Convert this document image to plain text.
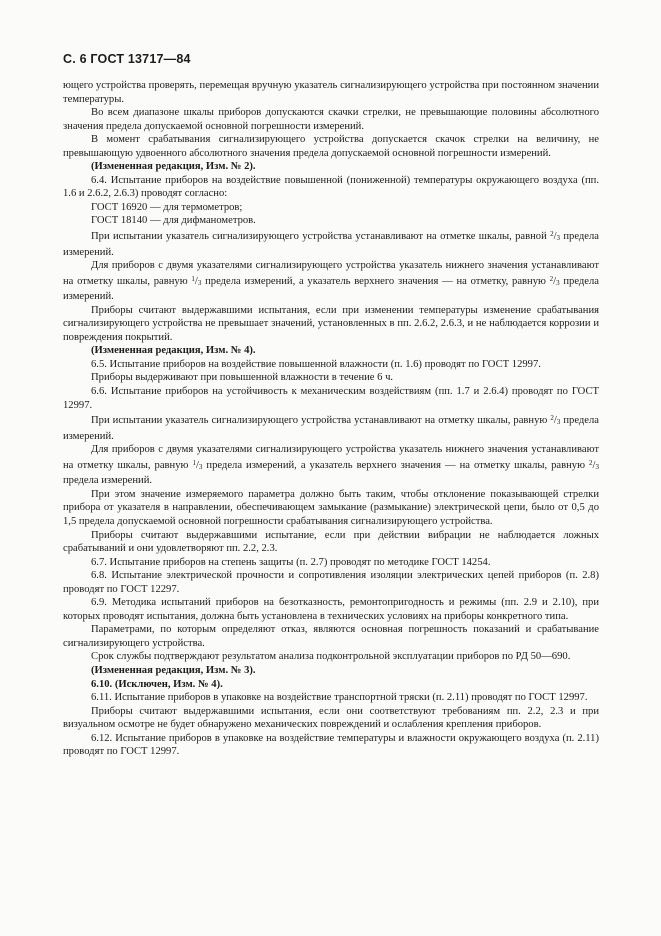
С. 6 ГОСТ 13717—84

ющего устройства проверять, перемещая вручную указатель сигнализирующего устройства при постоянном значении температуры.

Во всем диапазоне шкалы приборов допускаются скачки стрелки, не превышающие половины абсолютного значения предела допускаемой основной погрешности измерений.

В момент срабатывания сигнализирующего устройства допускается скачок стрелки на величину, не превышающую удвоенного абсолютного значения предела допускаемой основной погрешности измерений.

(Измененная редакция, Изм. № 2).

6.4. Испытание приборов на воздействие повышенной (пониженной) температуры окружающего воздуха (пп. 1.6 и 2.6.2, 2.6.3) проводят согласно:

ГОСТ 16920 — для термометров;

ГОСТ 18140 — для дифманометров.

При испытании указатель сигнализирующего устройства устанавливают на отметке шкалы, равной $^2/_3$ предела измерений.

Для приборов с двумя указателями сигнализирующего устройства указатель нижнего значения устанавливают на отметку шкалы, равную $^1/_3$ предела измерений, а указатель верхнего значения — на отметку, равную $^2/_3$ предела измерений.

Приборы считают выдержавшими испытания, если при изменении температуры изменение срабатывания сигнализирующего устройства не превышает значений, установленных в пп. 2.6.2, 2.6.3, и не наблюдается коррозии и повреждения покрытий.

(Измененная редакция, Изм. № 4).

6.5. Испытание приборов на воздействие повышенной влажности (п. 1.6) проводят по ГОСТ 12997.

Приборы выдерживают при повышенной влажности в течение 6 ч.

6.6. Испытание приборов на устойчивость к механическим воздействиям (пп. 1.7 и 2.6.4) проводят по ГОСТ 12997.

При испытании указатель сигнализирующего устройства устанавливают на отметку шкалы, равную $^2/_3$ предела измерений.

Для приборов с двумя указателями сигнализирующего устройства указатель нижнего значения устанавливают на отметку шкалы, равную $^1/_3$ предела измерений, а указатель верхнего значения — на отметку шкалы, равную $^2/_3$ предела измерений.

При этом значение измеряемого параметра должно быть таким, чтобы отклонение показывающей стрелки прибора от указателя в направлении, обеспечивающем замыкание (размыкание) электрической цепи, было от 0,5 до 1,5 предела допускаемой основной погрешности срабатывания сигнализирующего устройства.

Приборы считают выдержавшими испытание, если при действии вибрации не наблюдается ложных срабатываний и они удовлетворяют пп. 2.2, 2.3.

6.7. Испытание приборов на степень защиты (п. 2.7) проводят по методике ГОСТ 14254.

6.8. Испытание электрической прочности и сопротивления изоляции электрических цепей приборов (п. 2.8) проводят по ГОСТ 12297.

6.9. Методика испытаний приборов на безотказность, ремонтопригодность и режимы (пп. 2.9 и 2.10), при которых проводят испытания, должна быть установлена в технических условиях на приборы конкретного типа.

Параметрами, по которым определяют отказ, являются основная погрешность показаний и срабатывание сигнализирующего устройства.

Срок службы подтверждают результатом анализа подконтрольной эксплуатации приборов по РД 50—690.

(Измененная редакция, Изм. № 3).

6.10. (Исключен, Изм. № 4).

6.11. Испытание приборов в упаковке на воздействие транспортной тряски (п. 2.11) проводят по ГОСТ 12997.

Приборы считают выдержавшими испытания, если они соответствуют требованиям пп. 2.2, 2.3 и при визуальном осмотре не будет обнаружено механических повреждений и ослабления крепления приборов.

6.12. Испытание приборов в упаковке на воздействие температуры и влажности окружающего воздуха (п. 2.11) проводят по ГОСТ 12997.
